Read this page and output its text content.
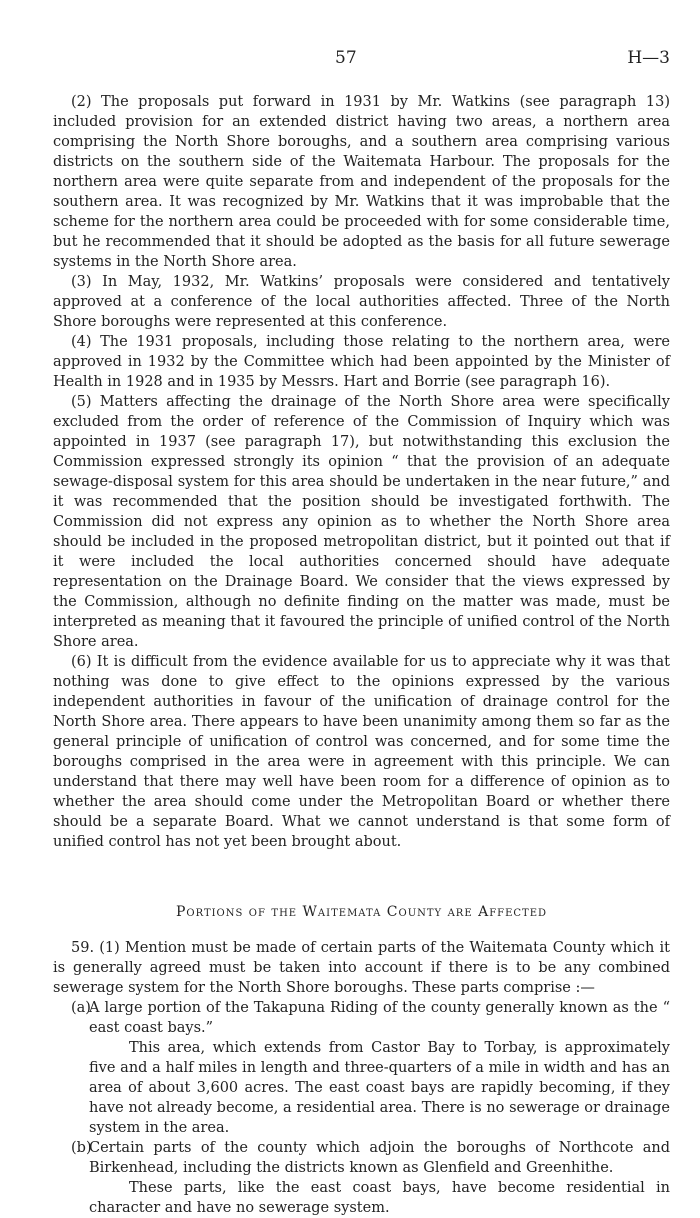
57	H—3

(2) The proposals put forward in 1931 by Mr. Watkins (see paragraph 13) included provision for an extended district having two areas, a northern area comprising the North Shore boroughs, and a southern area comprising various districts on the southern side of the Waitemata Harbour. The proposals for the northern area were quite separate from and independent of the proposals for the southern area. It was recognized by Mr. Watkins that it was improbable that the scheme for the northern area could be proceeded with for some considerable time, but he recommended that it should be adopted as the basis for all future sewerage systems in the North Shore area.

(3) In May, 1932, Mr. Watkins’ proposals were considered and tentatively approved at a conference of the local authorities affected. Three of the North Shore boroughs were represented at this conference.

(4) The 1931 proposals, including those relating to the northern area, were approved in 1932 by the Committee which had been appointed by the Minister of Health in 1928 and in 1935 by Messrs. Hart and Borrie (see paragraph 16).

(5) Matters affecting the drainage of the North Shore area were specifically excluded from the order of reference of the Commission of Inquiry which was appointed in 1937 (see paragraph 17), but notwithstanding this exclusion the Commission expressed strongly its opinion “ that the provision of an adequate sewage-disposal system for this area should be undertaken in the near future,” and it was recommended that the position should be investigated forthwith. The Commission did not express any opinion as to whether the North Shore area should be included in the proposed metropolitan district, but it pointed out that if it were included the local authorities concerned should have adequate representation on the Drainage Board. We consider that the views expressed by the Commission, although no definite finding on the matter was made, must be interpreted as meaning that it favoured the principle of unified control of the North Shore area.

(6) It is difficult from the evidence available for us to appreciate why it was that nothing was done to give effect to the opinions expressed by the various independent authorities in favour of the unification of drainage control for the North Shore area. There appears to have been unanimity among them so far as the general principle of unification of control was concerned, and for some time the boroughs comprised in the area were in agreement with this principle. We can understand that there may well have been room for a difference of opinion as to whether the area should come under the Metropolitan Board or whether there should be a separate Board. What we cannot understand is that some form of unified control has not yet been brought about.

Portions of the Waitemata County are Affected

59. (1) Mention must be made of certain parts of the Waitemata County which it is generally agreed must be taken into account if there is to be any combined sewerage system for the North Shore boroughs. These parts comprise :—

(a)

A large portion of the Takapuna Riding of the county generally known as the “ east coast bays.”

This area, which extends from Castor Bay to Torbay, is approximately five and a half miles in length and three-quarters of a mile in width and has an area of about 3,600 acres. The east coast bays are rapidly becoming, if they have not already become, a residential area. There is no sewerage or drainage system in the area.

(b)

Certain parts of the county which adjoin the boroughs of Northcote and Birkenhead, including the districts known as Glenfield and Greenhithe.

These parts, like the east coast bays, have become residential in character and have no sewerage system.
